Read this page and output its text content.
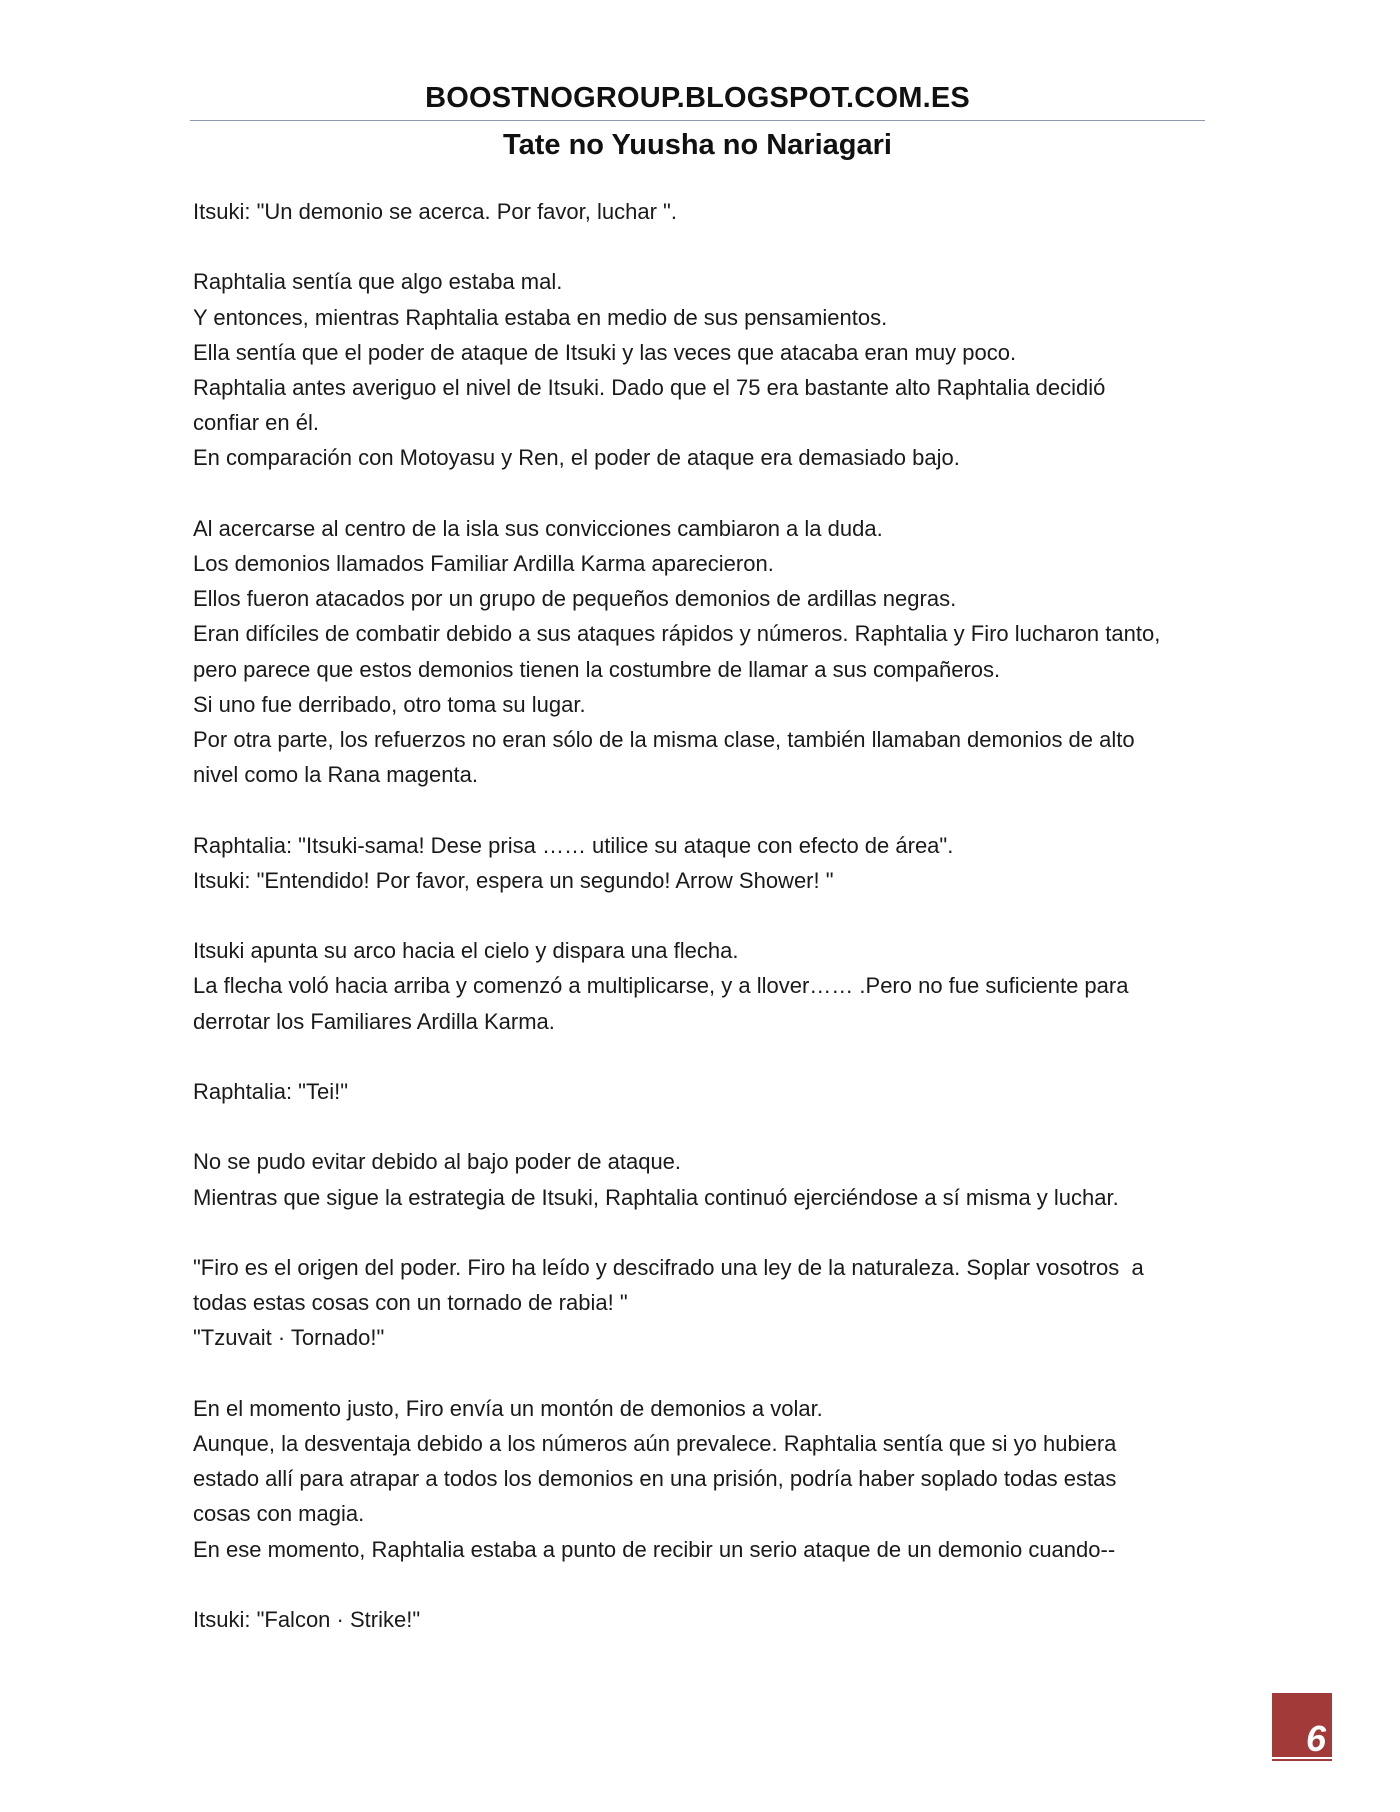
BOOSTNOGROUP.BLOGSPOT.COM.ES
Tate no Yuusha no Nariagari
Itsuki: "Un demonio se acerca. Por favor, luchar ".
Raphtalia sentía que algo estaba mal.
Y entonces, mientras Raphtalia estaba en medio de sus pensamientos.
Ella sentía que el poder de ataque de Itsuki y las veces que atacaba eran muy poco.
Raphtalia antes averiguo el nivel de Itsuki. Dado que el 75 era bastante alto Raphtalia decidió
confiar en él.
En comparación con Motoyasu y Ren, el poder de ataque era demasiado bajo.
Al acercarse al centro de la isla sus convicciones cambiaron a la duda.
Los demonios llamados Familiar Ardilla Karma aparecieron.
Ellos fueron atacados por un grupo de pequeños demonios de ardillas negras.
Eran difíciles de combatir debido a sus ataques rápidos y números. Raphtalia y Firo lucharon tanto,
pero parece que estos demonios tienen la costumbre de llamar a sus compañeros.
Si uno fue derribado, otro toma su lugar.
Por otra parte, los refuerzos no eran sólo de la misma clase, también llamaban demonios de alto
nivel como la Rana magenta.
Raphtalia: "Itsuki-sama! Dese prisa …… utilice su ataque con efecto de área".
Itsuki: "Entendido! Por favor, espera un segundo! Arrow Shower! "
Itsuki apunta su arco hacia el cielo y dispara una flecha.
La flecha voló hacia arriba y comenzó a multiplicarse, y a llover…… .Pero no fue suficiente para
derrotar los Familiares Ardilla Karma.
Raphtalia: "Tei!"
No se pudo evitar debido al bajo poder de ataque.
Mientras que sigue la estrategia de Itsuki, Raphtalia continuó ejerciéndose a sí misma y luchar.
"Firo es el origen del poder. Firo ha leído y descifrado una ley de la naturaleza. Soplar vosotros  a
todas estas cosas con un tornado de rabia! "
"Tzuvait · Tornado!"
En el momento justo, Firo envía un montón de demonios a volar.
Aunque, la desventaja debido a los números aún prevalece. Raphtalia sentía que si yo hubiera
estado allí para atrapar a todos los demonios en una prisión, podría haber soplado todas estas
cosas con magia.
En ese momento, Raphtalia estaba a punto de recibir un serio ataque de un demonio cuando--
Itsuki: "Falcon · Strike!"
6
